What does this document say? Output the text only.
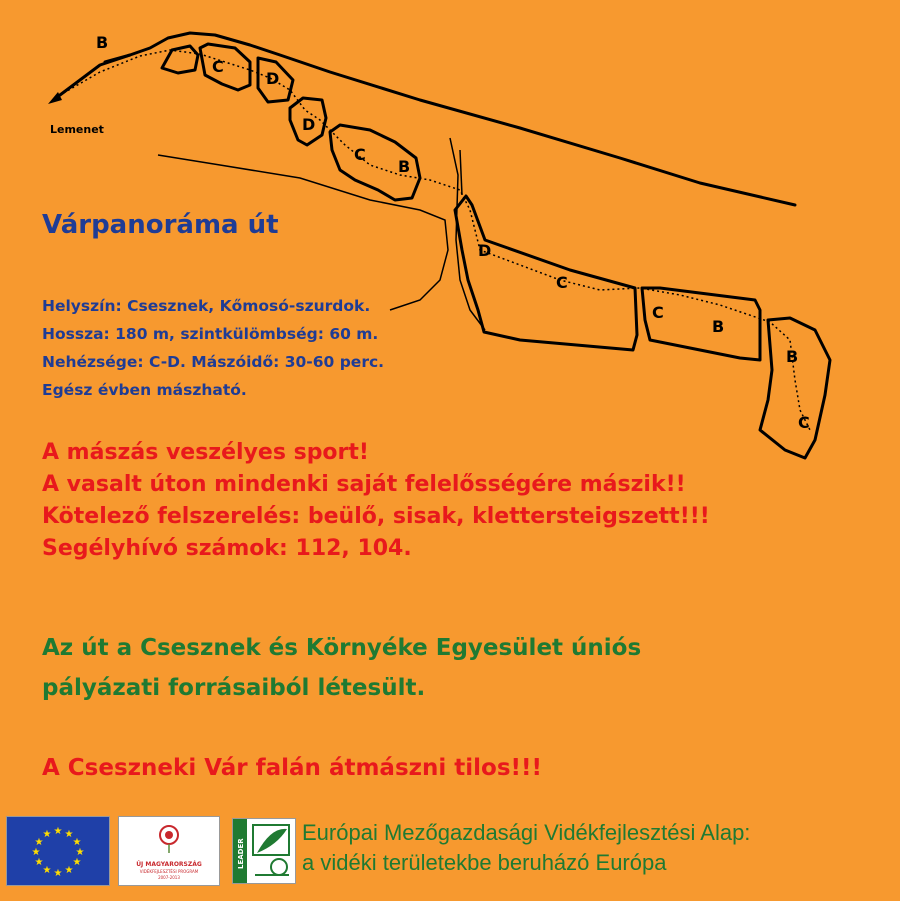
Lemenet
B
C
D
D
C
B
D
C
C
B
B
C
Várpanoráma út
Helyszín: Csesznek, Kőmosó-szurdok.
Hossza: 180 m, szintkülömbség: 60 m.
Nehézsége: C-D. Mászóidő: 30-60 perc.
Egész évben mászható.
A mászás veszélyes sport!
A vasalt úton mindenki saját felelősségére mászik!!
Kötelező felszerelés: beülő, sisak, klettersteigszett!!!
Segélyhívó számok: 112, 104.
Az út a Csesznek és Környéke Egyesület úniós
pályázati forrásaiból létesült.
A Cseszneki Vár falán átmászni tilos!!!
★ ★
★
★
★
★
★
★
★
★
★
★
ÚJ MAGYARORSZÁG
VIDÉKFEJLESZTÉSI PROGRAM
2007-2013
LEADER
Európai Mezőgazdasági Vidékfejlesztési Alap:
a vidéki területekbe beruházó Európa
